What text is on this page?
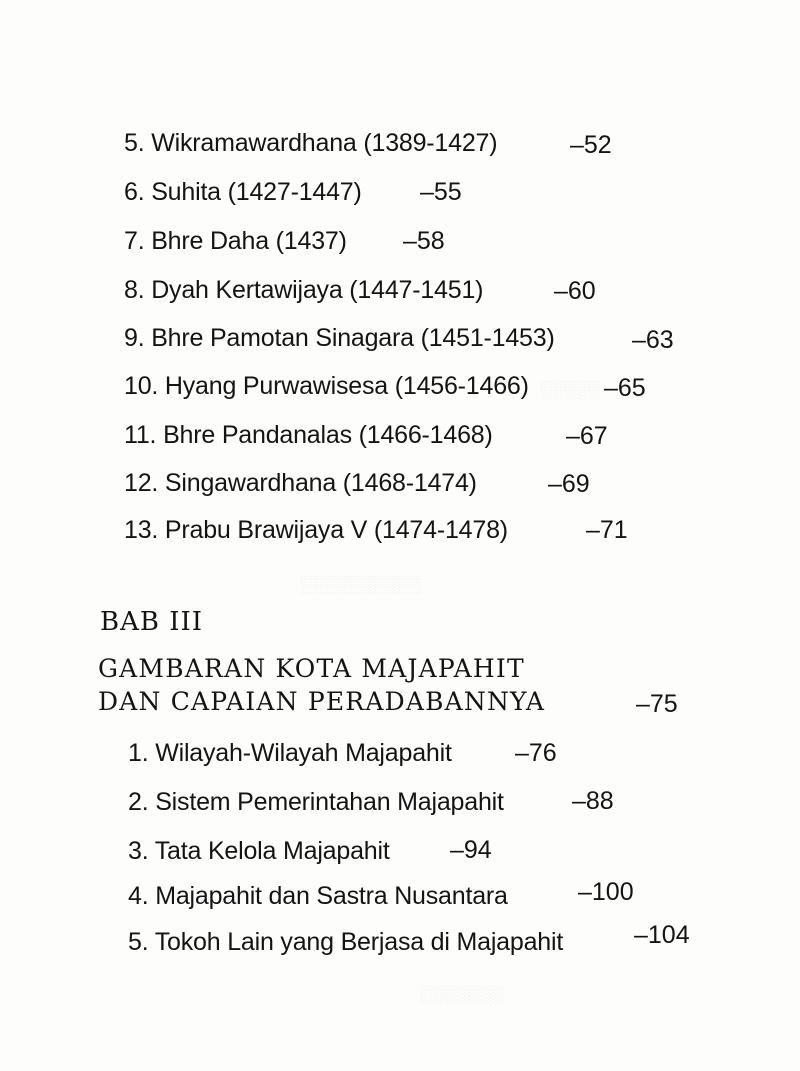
░░░░░
░░░░░░░░░░
░░░░░░░
5. Wikramawardhana (1389-1427)	–52
6. Suhita (1427-1447) –55
7. Bhre Daha (1437) –58
8. Dyah Kertawijaya (1447-1451)	–60
9. Bhre Pamotan Sinagara (1451-1453)	–63
10. Hyang Purwawisesa (1456-1466)	–65
11. Bhre Pandanalas (1466-1468)	–67
12. Singawardhana (1468-1474)	–69
13. Prabu Brawijaya V (1474-1478)	–71
BAB III
GAMBARAN KOTA MAJAPAHIT
DAN CAPAIAN PERADABANNYA	–75
1. Wilayah-Wilayah Majapahit	–76
2. Sistem Pemerintahan Majapahit	–88
3. Tata Kelola Majapahit –94
4. Majapahit dan Sastra Nusantara	–100
5. Tokoh Lain yang Berjasa di Majapahit	–104
